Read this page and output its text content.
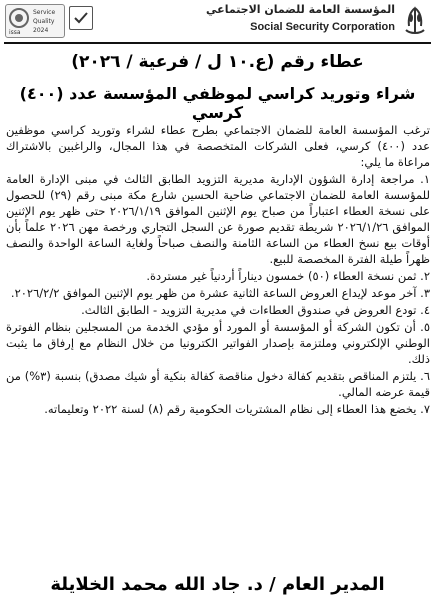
issa
Service
Quality
2024
المؤسسة العامة للضمان الاجتماعي
Social Security Corporation
عطاء رقم (ع.١٠ ل / فرعية / ٢٠٢٦)
شراء وتوريد كراسي لموظفي المؤسسة عدد (٤٠٠) كرسي

ترغب المؤسسة العامة للضمان الاجتماعي بطرح عطاء لشراء وتوريد كراسي موظفين عدد (٤٠٠) كرسي، فعلى الشركات المتخصصة في هذا المجال، والراغبين بالاشتراك مراعاة ما يلي:

١. مراجعة إدارة الشؤون الإدارية مديرية التزويد الطابق الثالث في مبنى الإدارة العامة للمؤسسة العامة للضمان الاجتماعي ضاحية الحسين شارع مكة مبنى رقم (٢٩) للحصول على نسخة العطاء اعتباراً من صباح يوم الإثنين الموافق ٢٠٢٦/١/١٩ حتى ظهر يوم الإثنين الموافق ٢٠٢٦/١/٢٦ شريطة تقديم صورة عن السجل التجاري ورخصة مهن ٢٠٢٦ علماً بأن أوقات بيع نسخ العطاء من الساعة الثامنة والنصف صباحاً ولغاية الساعة الواحدة والنصف ظهراً طيلة الفترة المخصصة للبيع.

٢. ثمن نسخة العطاء (٥٠) خمسون ديناراً أردنياً غير مستردة.

٣. آخر موعد لإيداع العروض الساعة الثانية عشرة من ظهر يوم الإثنين الموافق ٢٠٢٦/٢/٢.

٤. تودع العروض في صندوق العطاءات في مديرية التزويد - الطابق الثالث.

٥. أن تكون الشركة أو المؤسسة أو المورد أو مؤدي الخدمة من المسجلين بنظام الفوترة الوطني الإلكتروني وملتزمة بإصدار الفواتير الكترونيا من خلال النظام مع إرفاق ما يثبت ذلك.

٦. يلتزم المناقص بتقديم كفالة دخول مناقصة كفالة بنكية أو شيك مصدق) بنسبة (٣%) من قيمة عرضه المالي.

٧. يخضع هذا العطاء إلى نظام المشتريات الحكومية رقم (٨) لسنة ٢٠٢٢ وتعليماته.

المدير العام / د. جاد الله محمد الخلايلة
